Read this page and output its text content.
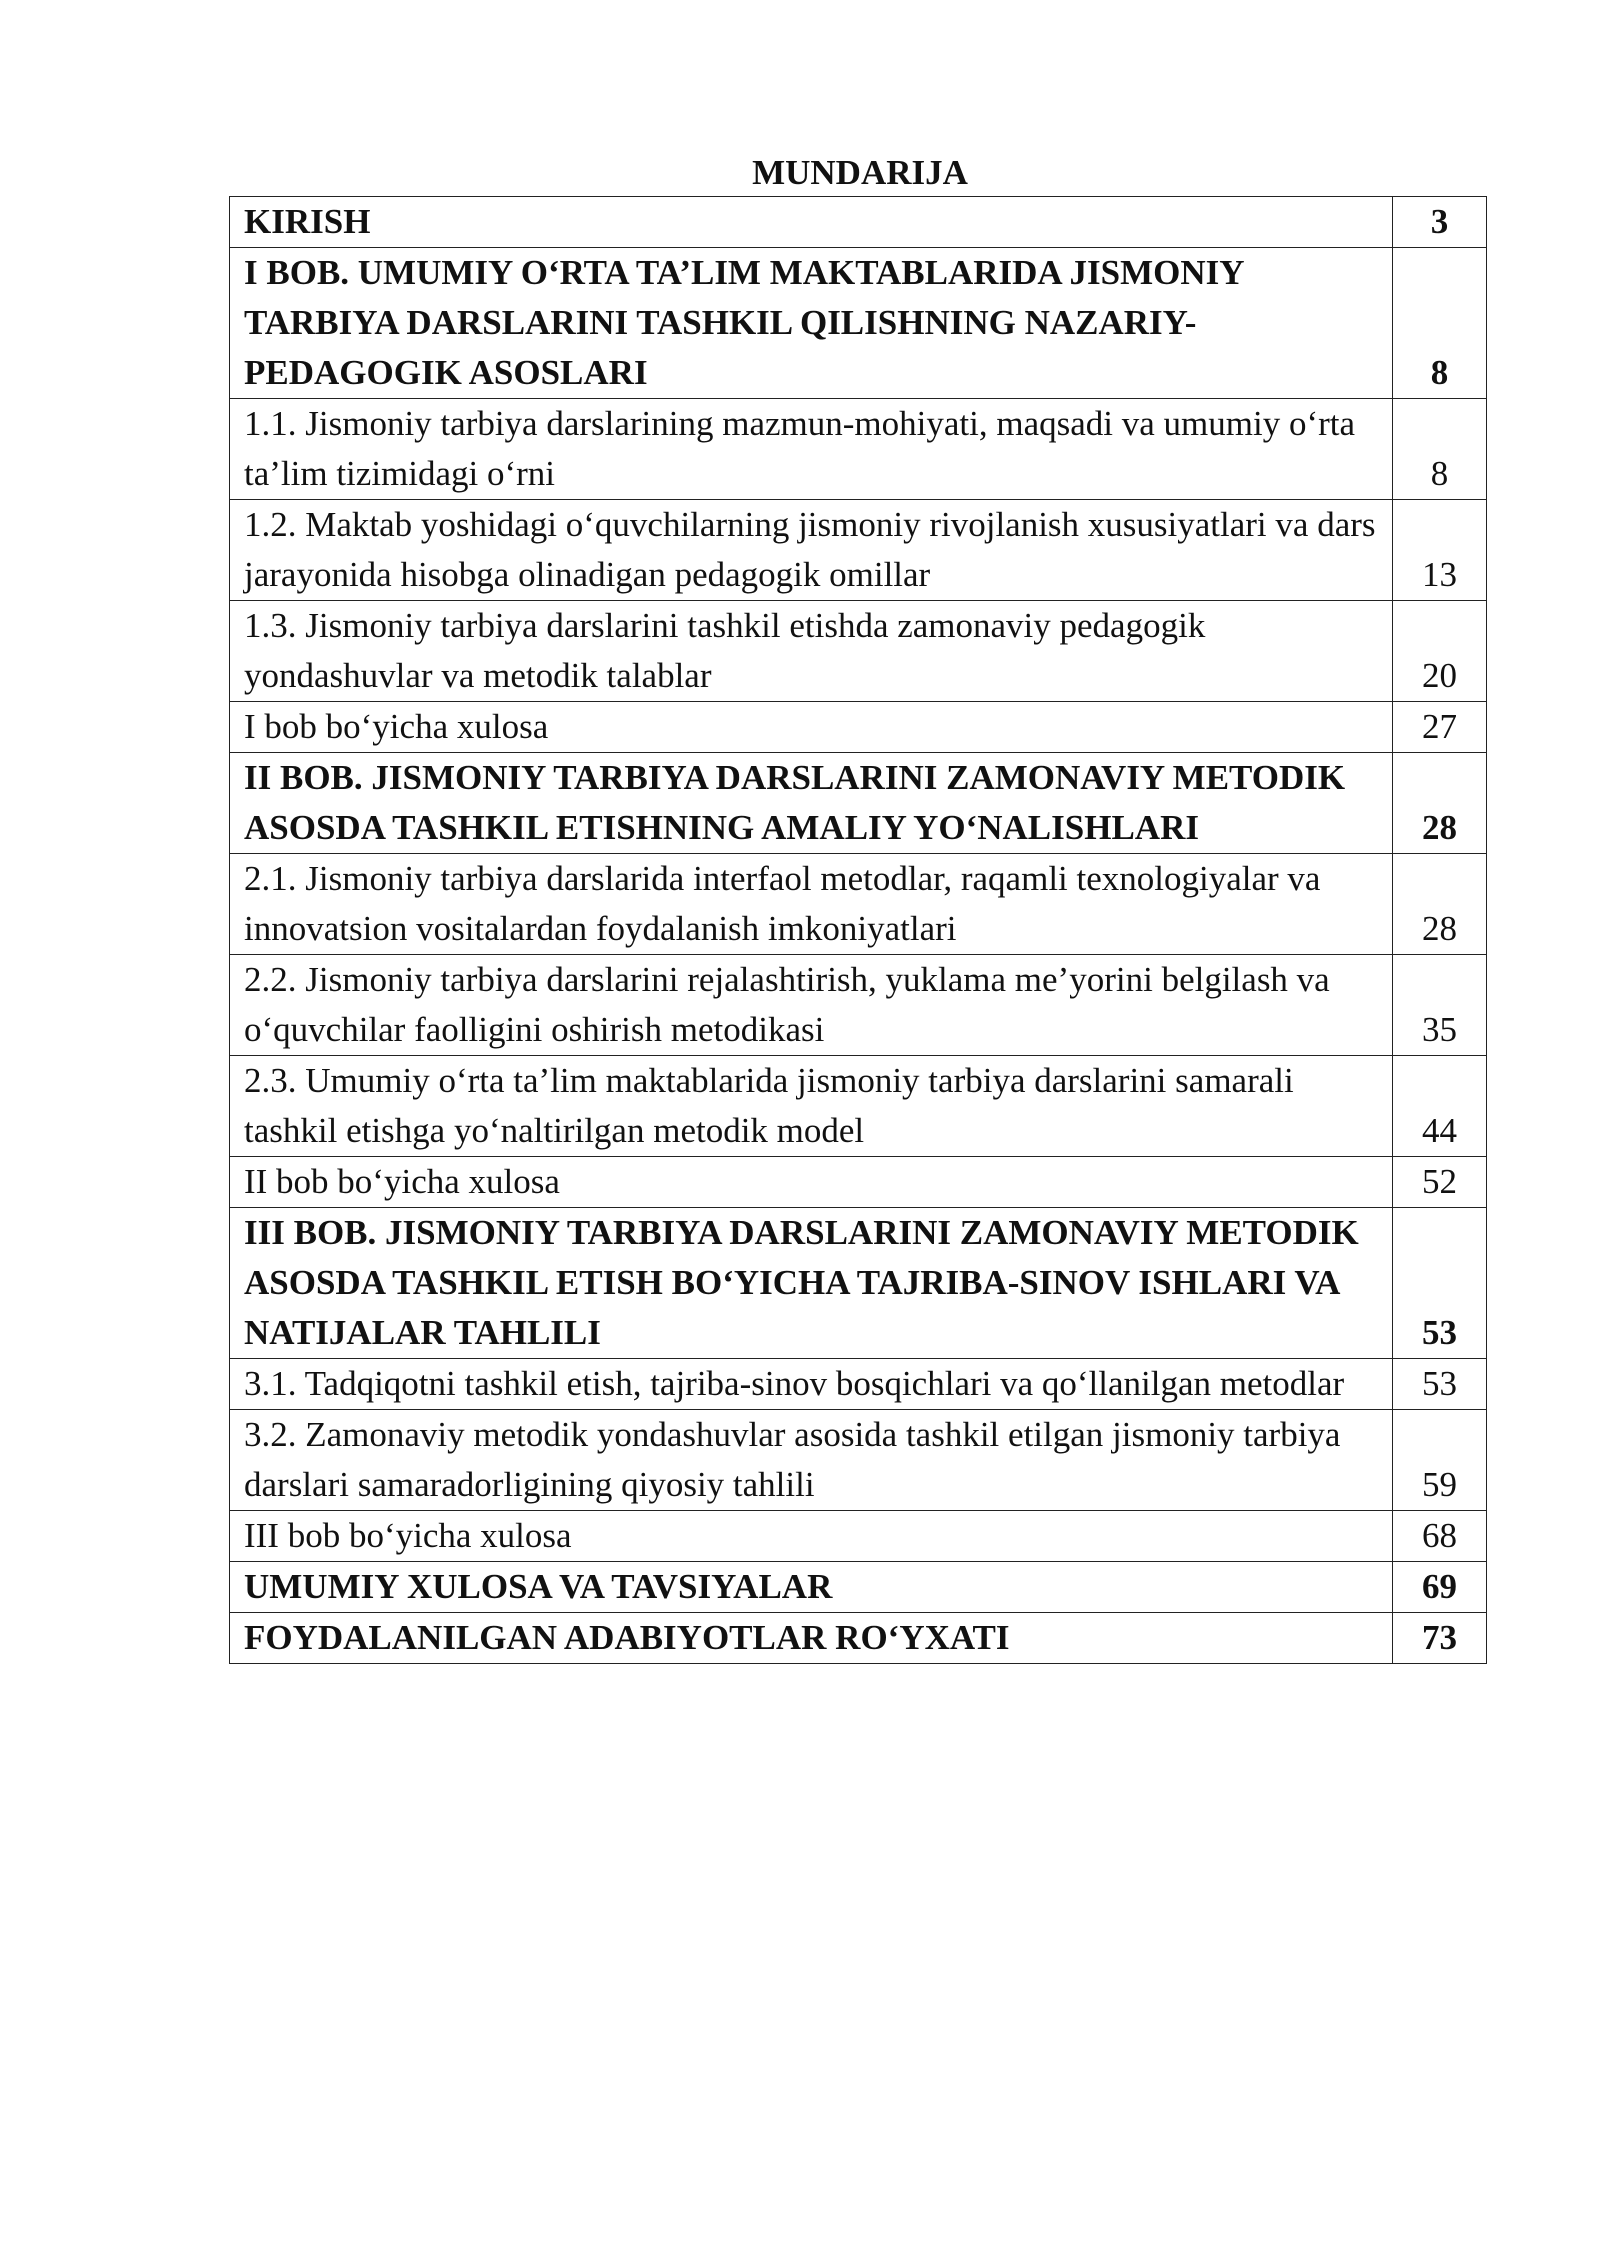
MUNDARIJA
KIRISH	3
I BOB. UMUMIY O‘RTA TA’LIM MAKTABLARIDA JISMONIY TARBIYA DARSLARINI TASHKIL QILISHNING NAZARIY-PEDAGOGIK ASOSLARI	8
1.1. Jismoniy tarbiya darslarining mazmun-mohiyati, maqsadi va umumiy o‘rta ta’lim tizimidagi o‘rni	8
1.2. Maktab yoshidagi o‘quvchilarning jismoniy rivojlanish xususiyatlari va dars jarayonida hisobga olinadigan pedagogik omillar	13
1.3. Jismoniy tarbiya darslarini tashkil etishda zamonaviy pedagogik yondashuvlar va metodik talablar	20
I bob bo‘yicha xulosa	27
II BOB. JISMONIY TARBIYA DARSLARINI ZAMONAVIY METODIK ASOSDA TASHKIL ETISHNING AMALIY YO‘NALISHLARI	28
2.1. Jismoniy tarbiya darslarida interfaol metodlar, raqamli texnologiyalar va innovatsion vositalardan foydalanish imkoniyatlari	28
2.2. Jismoniy tarbiya darslarini rejalashtirish, yuklama me’yorini belgilash va o‘quvchilar faolligini oshirish metodikasi	35
2.3. Umumiy o‘rta ta’lim maktablarida jismoniy tarbiya darslarini samarali tashkil etishga yo‘naltirilgan metodik model	44
II bob bo‘yicha xulosa	52
III BOB. JISMONIY TARBIYA DARSLARINI ZAMONAVIY METODIK ASOSDA TASHKIL ETISH BO‘YICHA TAJRIBA-SINOV ISHLARI VA NATIJALAR TAHLILI	53
3.1. Tadqiqotni tashkil etish, tajriba-sinov bosqichlari va qo‘llanilgan metodlar	53
3.2. Zamonaviy metodik yondashuvlar asosida tashkil etilgan jismoniy tarbiya darslari samaradorligining qiyosiy tahlili	59
III bob bo‘yicha xulosa	68
UMUMIY XULOSA VA TAVSIYALAR	69
FOYDALANILGAN ADABIYOTLAR RO‘YXATI	73
